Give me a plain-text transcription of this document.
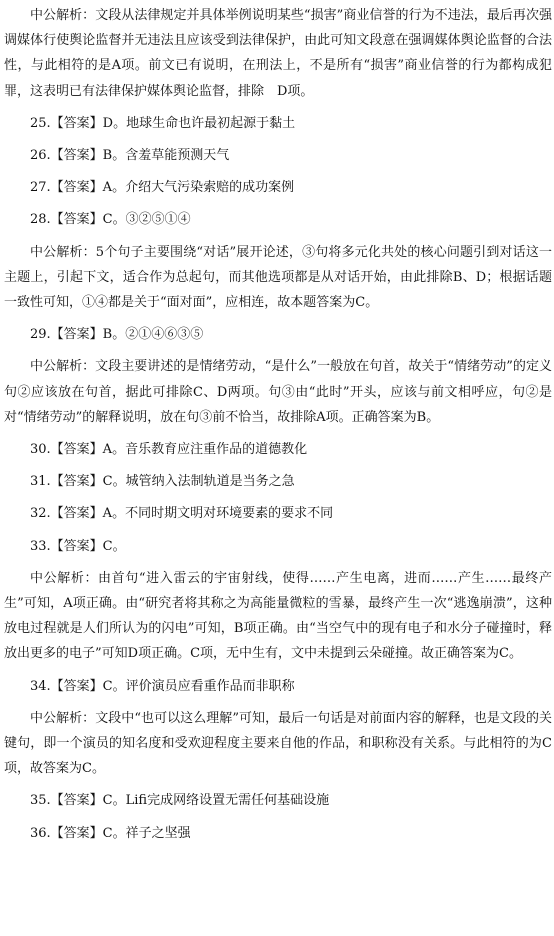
中公解析：文段从法律规定并具体举例说明某些“损害”商业信誉的行为不违法，最后再次强调媒体行使舆论监督并无违法且应该受到法律保护，由此可知文段意在强调媒体舆论监督的合法性，与此相符的是A项。前文已有说明，在刑法上，不是所有“损害”商业信誉的行为都构成犯罪，这表明已有法律保护媒体舆论监督，排除　D项。

25.【答案】D。地球生命也许最初起源于黏土

26.【答案】B。含羞草能预测天气

27.【答案】A。介绍大气污染索赔的成功案例

28.【答案】C。③②⑤①④

中公解析：5个句子主要围绕“对话”展开论述，③句将多元化共处的核心问题引到对话这一主题上，引起下文，适合作为总起句，而其他选项都是从对话开始，由此排除B、D；根据话题一致性可知，①④都是关于“面对面”，应相连，故本题答案为C。

29.【答案】B。②①④⑥③⑤

中公解析：文段主要讲述的是情绪劳动，“是什么”一般放在句首，故关于“情绪劳动”的定义句②应该放在句首，据此可排除C、D两项。句③由“此时”开头，应该与前文相呼应，句②是对“情绪劳动”的解释说明，放在句③前不恰当，故排除A项。正确答案为B。

30.【答案】A。音乐教育应注重作品的道德教化

31.【答案】C。城管纳入法制轨道是当务之急

32.【答案】A。不同时期文明对环境要素的要求不同

33.【答案】C。

中公解析：由首句“进入雷云的宇宙射线，使得……产生电离，进而……产生……最终产生”可知，A项正确。由“研究者将其称之为高能量微粒的雪暴，最终产生一次“逃逸崩溃”，这种放电过程就是人们所认为的闪电”可知，B项正确。由“当空气中的现有电子和水分子碰撞时，释放出更多的电子”可知D项正确。C项，无中生有，文中未提到云朵碰撞。故正确答案为C。

34.【答案】C。评价演员应看重作品而非职称

中公解析：文段中“也可以这么理解”可知，最后一句话是对前面内容的解释，也是文段的关键句，即一个演员的知名度和受欢迎程度主要来自他的作品，和职称没有关系。与此相符的为C项，故答案为C。

35.【答案】C。Lifi完成网络设置无需任何基础设施

36.【答案】C。祥子之坚强
